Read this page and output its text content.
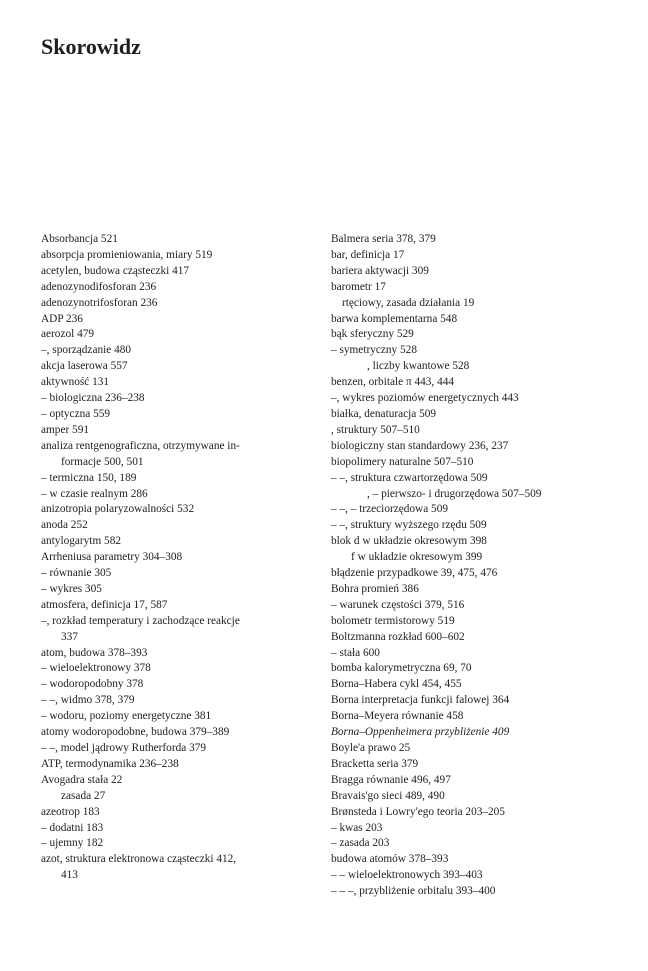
Skorowidz
Absorbancja 521
absorpcja promieniowania, miary 519
acetylen, budowa cząsteczki 417
adenozynodifosforan 236
adenozynotrifosforan 236
ADP 236
aerozol 479
–, sporządzanie 480
akcja laserowa 557
aktywność 131
– biologiczna 236–238
– optyczna 559
amper 591
analiza rentgenograficzna, otrzymywane in-
formacje 500, 501
– termiczna 150, 189
– w czasie realnym 286
anizotropia polaryzowalności 532
anoda 252
antylogarytm 582
Arrheniusa parametry 304–308
– równanie 305
– wykres 305
atmosfera, definicja 17, 587
–, rozkład temperatury i zachodzące reakcje
337
atom, budowa 378–393
– wieloelektronowy 378
– wodoropodobny 378
– –, widmo 378, 379
– wodoru, poziomy energetyczne 381
atomy wodoropodobne, budowa 379–389
– –, model jądrowy Rutherforda 379
ATP, termodynamika 236–238
Avogadra stała 22
zasada 27
azeotrop 183
– dodatni 183
– ujemny 182
azot, struktura elektronowa cząsteczki 412,
413
Balmera seria 378, 379
bar, definicja 17
bariera aktywacji 309
barometr 17
rtęciowy, zasada działania 19
barwa komplementarna 548
bąk sferyczny 529
– symetryczny 528
, liczby kwantowe 528
benzen, orbitale π 443, 444
–, wykres poziomów energetycznych 443
białka, denaturacja 509
, struktury 507–510
biologiczny stan standardowy 236, 237
biopolimery naturalne 507–510
– –, struktura czwartorzędowa 509
, – pierwszo- i drugorzędowa 507–509
– –, – trzeciorzędowa 509
– –, struktury wyższego rzędu 509
blok d w układzie okresowym 398
f w układzie okresowym 399
błądzenie przypadkowe 39, 475, 476
Bohra promień 386
– warunek częstości 379, 516
bolometr termistorowy 519
Boltzmanna rozkład 600–602
– stała 600
bomba kalorymetryczna 69, 70
Borna–Habera cykl 454, 455
Borna interpretacja funkcji falowej 364
Borna–Meyera równanie 458
Borna–Oppenheimera przybliżenie 409
Boyle'a prawo 25
Bracketta seria 379
Bragga równanie 496, 497
Bravais'go sieci 489, 490
Brønsteda i Lowry'ego teoria 203–205
– kwas 203
– zasada 203
budowa atomów 378–393
– – wieloelektronowych 393–403
– – –, przybliżenie orbitalu 393–400
